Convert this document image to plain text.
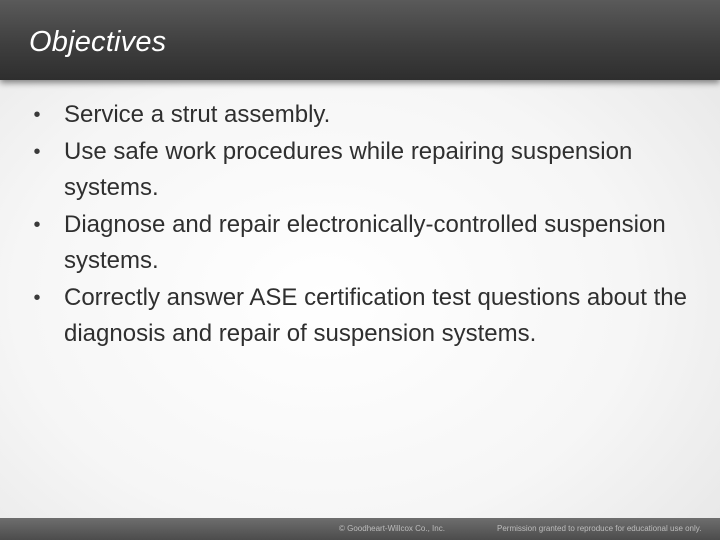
Objectives
• Service a strut assembly.
• Use safe work procedures while repairing suspension systems.
• Diagnose and repair electronically-controlled suspension systems.
• Correctly answer ASE certification test questions about the diagnosis and repair of suspension systems.
© Goodheart-Willcox Co., Inc.	Permission granted to reproduce for educational use only.
